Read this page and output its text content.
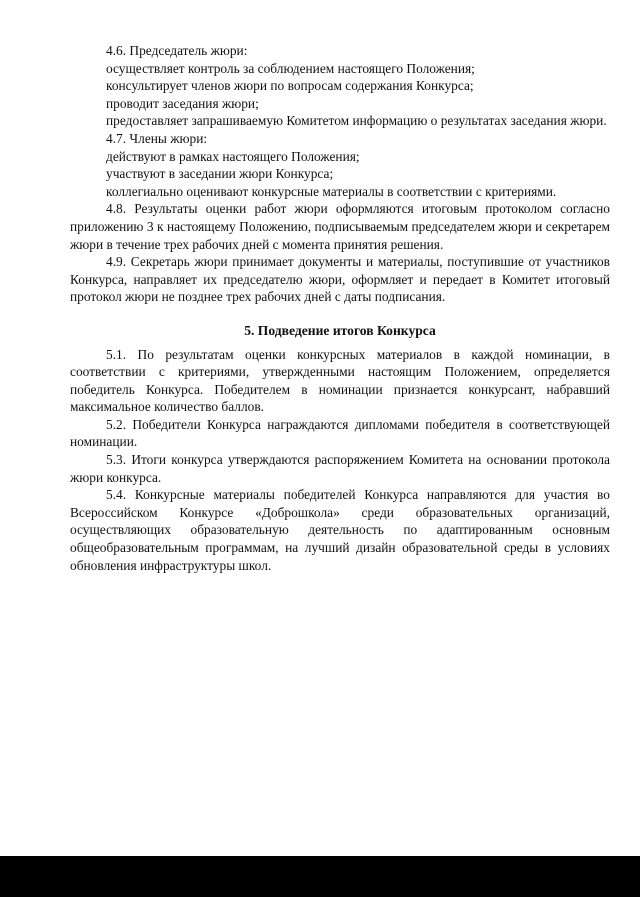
4.6. Председатель жюри:

осуществляет контроль за соблюдением настоящего Положения;

консультирует членов жюри по вопросам содержания Конкурса;

проводит заседания жюри;

предоставляет запрашиваемую Комитетом информацию о результатах заседания жюри.

4.7. Члены жюри:

действуют в рамках настоящего Положения;

участвуют в заседании жюри Конкурса;

коллегиально оценивают конкурсные материалы в соответствии с критериями.

4.8. Результаты оценки работ жюри оформляются итоговым протоколом согласно приложению 3 к настоящему Положению, подписываемым председателем жюри и секретарем жюри в течение трех рабочих дней с момента принятия решения.

4.9. Секретарь жюри принимает документы и материалы, поступившие от участников Конкурса, направляет их председателю жюри, оформляет и передает в Комитет итоговый протокол жюри не позднее трех рабочих дней с даты подписания.

5. Подведение итогов Конкурса

5.1. По результатам оценки конкурсных материалов в каждой номинации, в соответствии с критериями, утвержденными настоящим Положением, определяется победитель Конкурса. Победителем в номинации признается конкурсант, набравший максимальное количество баллов.

5.2. Победители Конкурса награждаются дипломами победителя в соответствующей номинации.

5.3. Итоги конкурса утверждаются распоряжением Комитета на основании протокола жюри конкурса.

5.4. Конкурсные материалы победителей Конкурса направляются для участия во Всероссийском Конкурсе «Доброшкола» среди образовательных организаций, осуществляющих образовательную деятельность по адаптированным основным общеобразовательным программам, на лучший дизайн образовательной среды в условиях обновления инфраструктуры школ.
